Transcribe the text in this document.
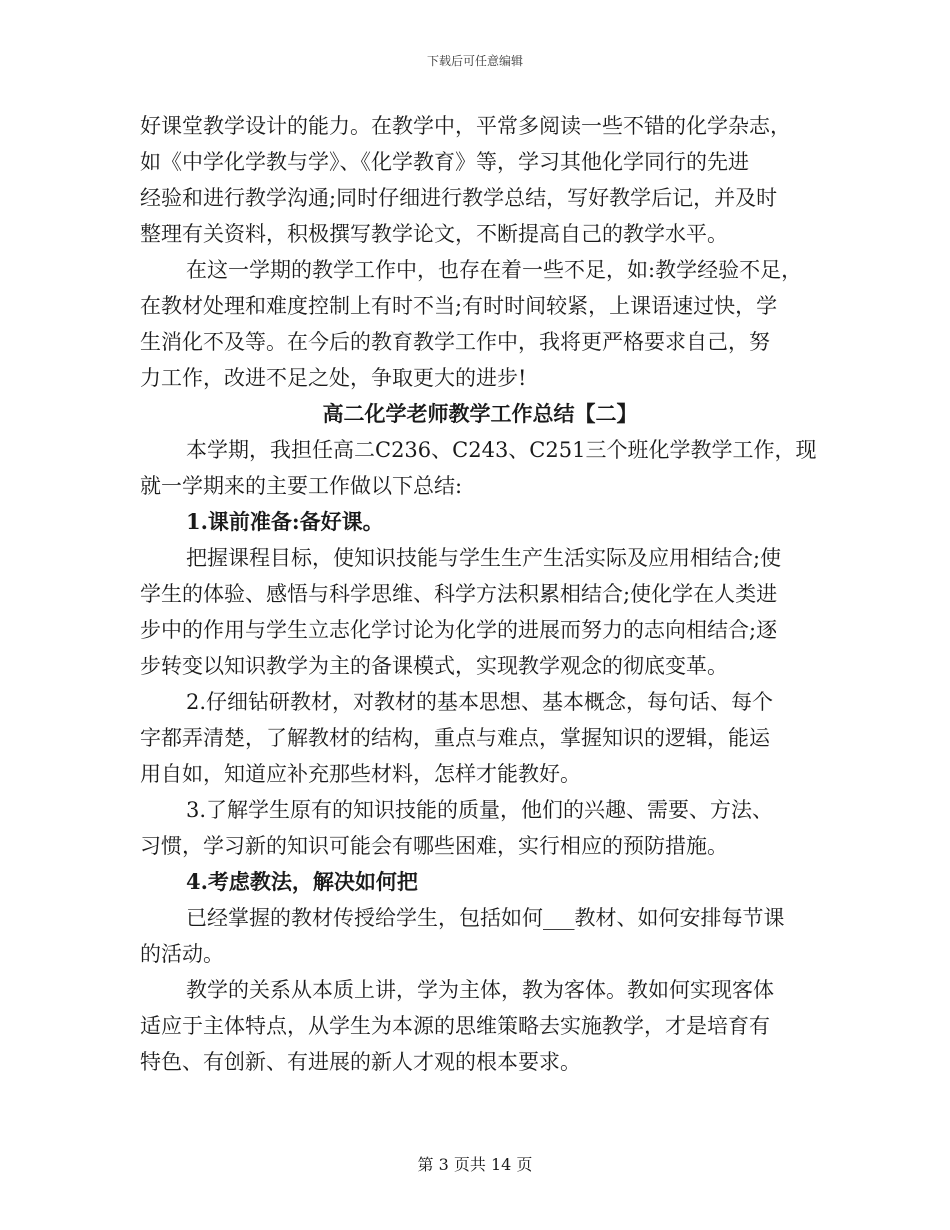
下载后可任意编辑
好课堂教学设计的能力。在教学中，平常多阅读一些不错的化学杂志，
如《中学化学教与学》、《化学教育》等，学习其他化学同行的先进
经验和进行教学沟通;同时仔细进行教学总结，写好教学后记，并及时
整理有关资料，积极撰写教学论文，不断提高自己的教学水平。
在这一学期的教学工作中，也存在着一些不足，如:教学经验不足，
在教材处理和难度控制上有时不当;有时时间较紧，上课语速过快，学
生消化不及等。在今后的教育教学工作中，我将更严格要求自己，努
力工作，改进不足之处，争取更大的进步!
高二化学老师教学工作总结【二】
本学期，我担任高二C236、C243、C251三个班化学教学工作，现
就一学期来的主要工作做以下总结:
1.课前准备:备好课。
把握课程目标，使知识技能与学生生产生活实际及应用相结合;使
学生的体验、感悟与科学思维、科学方法积累相结合;使化学在人类进
步中的作用与学生立志化学讨论为化学的进展而努力的志向相结合;逐
步转变以知识教学为主的备课模式，实现教学观念的彻底变革。
2.仔细钻研教材，对教材的基本思想、基本概念，每句话、每个
字都弄清楚，了解教材的结构，重点与难点，掌握知识的逻辑，能运
用自如，知道应补充那些材料，怎样才能教好。
3.了解学生原有的知识技能的质量，他们的兴趣、需要、方法、
习惯，学习新的知识可能会有哪些困难，实行相应的预防措施。
4.考虑教法，解决如何把
已经掌握的教材传授给学生，包括如何___教材、如何安排每节课
的活动。
教学的关系从本质上讲，学为主体，教为客体。教如何实现客体
适应于主体特点，从学生为本源的思维策略去实施教学，才是培育有
特色、有创新、有进展的新人才观的根本要求。
第 3 页共 14 页
